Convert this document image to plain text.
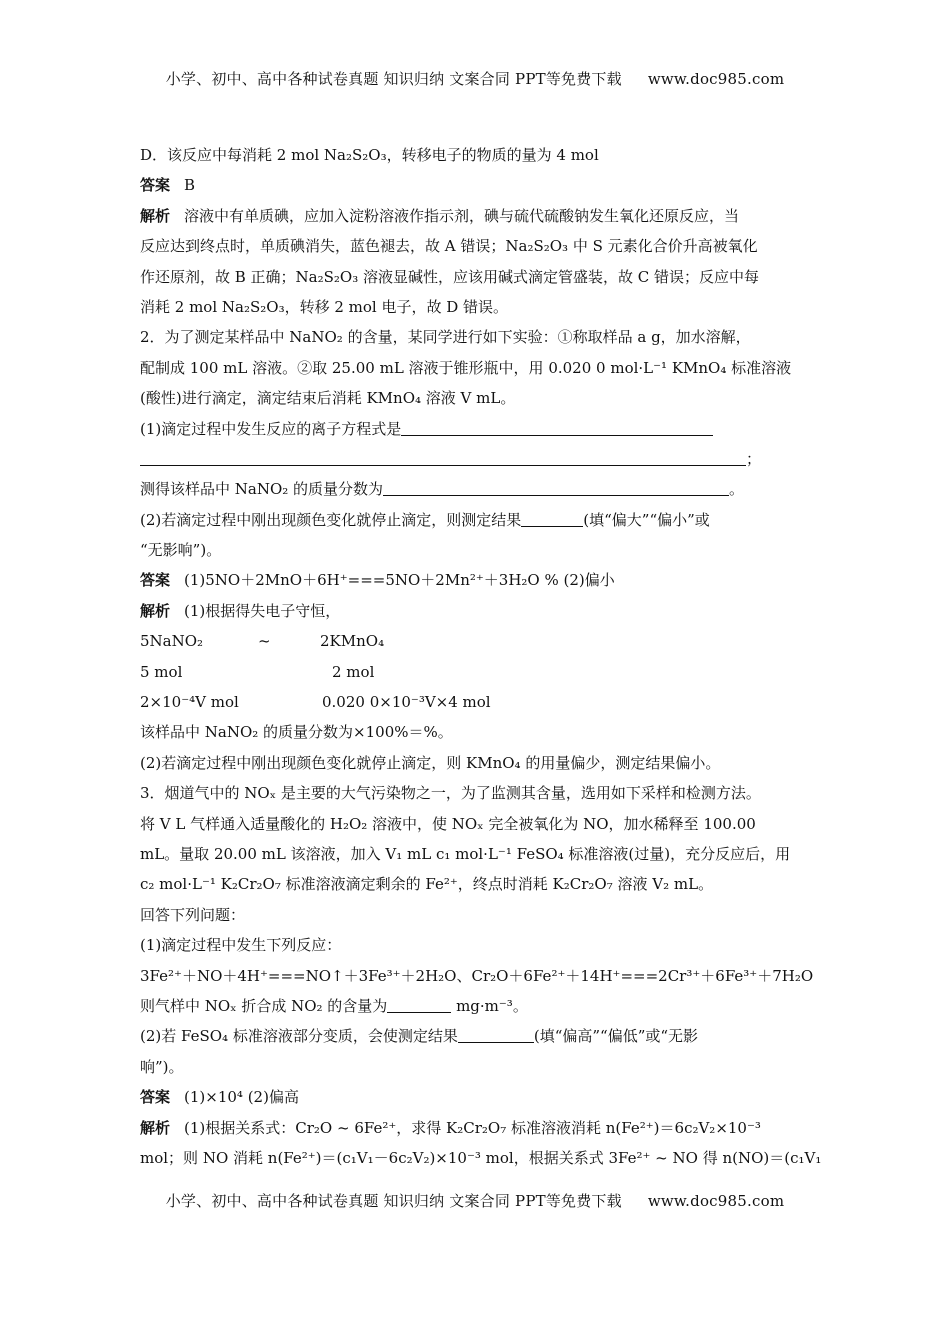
小学、初中、高中各种试卷真题 知识归纳 文案合同 PPT等免费下载 www.doc985.com
D．该反应中每消耗 2 mol Na₂S₂O₃，转移电子的物质的量为 4 mol
答案 B
解析 溶液中有单质碘，应加入淀粉溶液作指示剂，碘与硫代硫酸钠发生氧化还原反应，当
反应达到终点时，单质碘消失，蓝色褪去，故 A 错误；Na₂S₂O₃ 中 S 元素化合价升高被氧化
作还原剂，故 B 正确；Na₂S₂O₃ 溶液显碱性，应该用碱式滴定管盛装，故 C 错误；反应中每
消耗 2 mol Na₂S₂O₃，转移 2 mol 电子，故 D 错误。
2．为了测定某样品中 NaNO₂ 的含量，某同学进行如下实验：①称取样品 a g，加水溶解，
配制成 100 mL 溶液。②取 25.00 mL 溶液于锥形瓶中，用 0.020 0 mol·L⁻¹ KMnO₄ 标准溶液
(酸性)进行滴定，滴定结束后消耗 KMnO₄ 溶液 V mL。
(1)滴定过程中发生反应的离子方程式是
；
测得该样品中 NaNO₂ 的质量分数为	。
(2)若滴定过程中刚出现颜色变化就停止滴定，则测定结果	(填“偏大”“偏小”或
“无影响”)。
答案 (1)5NO＋2MnO＋6H⁺===5NO＋2Mn²⁺＋3H₂O % (2)偏小
解析 (1)根据得失电子守恒，
5NaNO₂	~	2KMnO₄
5 mol	2 mol
2×10⁻⁴V mol	0.020 0×10⁻³V×4 mol
该样品中 NaNO₂ 的质量分数为×100%＝%。
(2)若滴定过程中刚出现颜色变化就停止滴定，则 KMnO₄ 的用量偏少，测定结果偏小。
3．烟道气中的 NOₓ 是主要的大气污染物之一，为了监测其含量，选用如下采样和检测方法。
将 V L 气样通入适量酸化的 H₂O₂ 溶液中，使 NOₓ 完全被氧化为 NO，加水稀释至 100.00
mL。量取 20.00 mL 该溶液，加入 V₁ mL c₁ mol·L⁻¹ FeSO₄ 标准溶液(过量)，充分反应后，用
c₂ mol·L⁻¹ K₂Cr₂O₇ 标准溶液滴定剩余的 Fe²⁺，终点时消耗 K₂Cr₂O₇ 溶液 V₂ mL。
回答下列问题：
(1)滴定过程中发生下列反应：
3Fe²⁺＋NO＋4H⁺===NO↑＋3Fe³⁺＋2H₂O、Cr₂O＋6Fe²⁺＋14H⁺===2Cr³⁺＋6Fe³⁺＋7H₂O
则气样中 NOₓ 折合成 NO₂ 的含量为	mg·m⁻³。
(2)若 FeSO₄ 标准溶液部分变质，会使测定结果	(填“偏高”“偏低”或“无影
响”)。
答案 (1)×10⁴ (2)偏高
解析 (1)根据关系式：Cr₂O ~ 6Fe²⁺，求得 K₂Cr₂O₇ 标准溶液消耗 n(Fe²⁺)＝6c₂V₂×10⁻³
mol；则 NO 消耗 n(Fe²⁺)＝(c₁V₁－6c₂V₂)×10⁻³ mol，根据关系式 3Fe²⁺ ~ NO 得 n(NO)＝(c₁V₁
小学、初中、高中各种试卷真题 知识归纳 文案合同 PPT等免费下载 www.doc985.com
